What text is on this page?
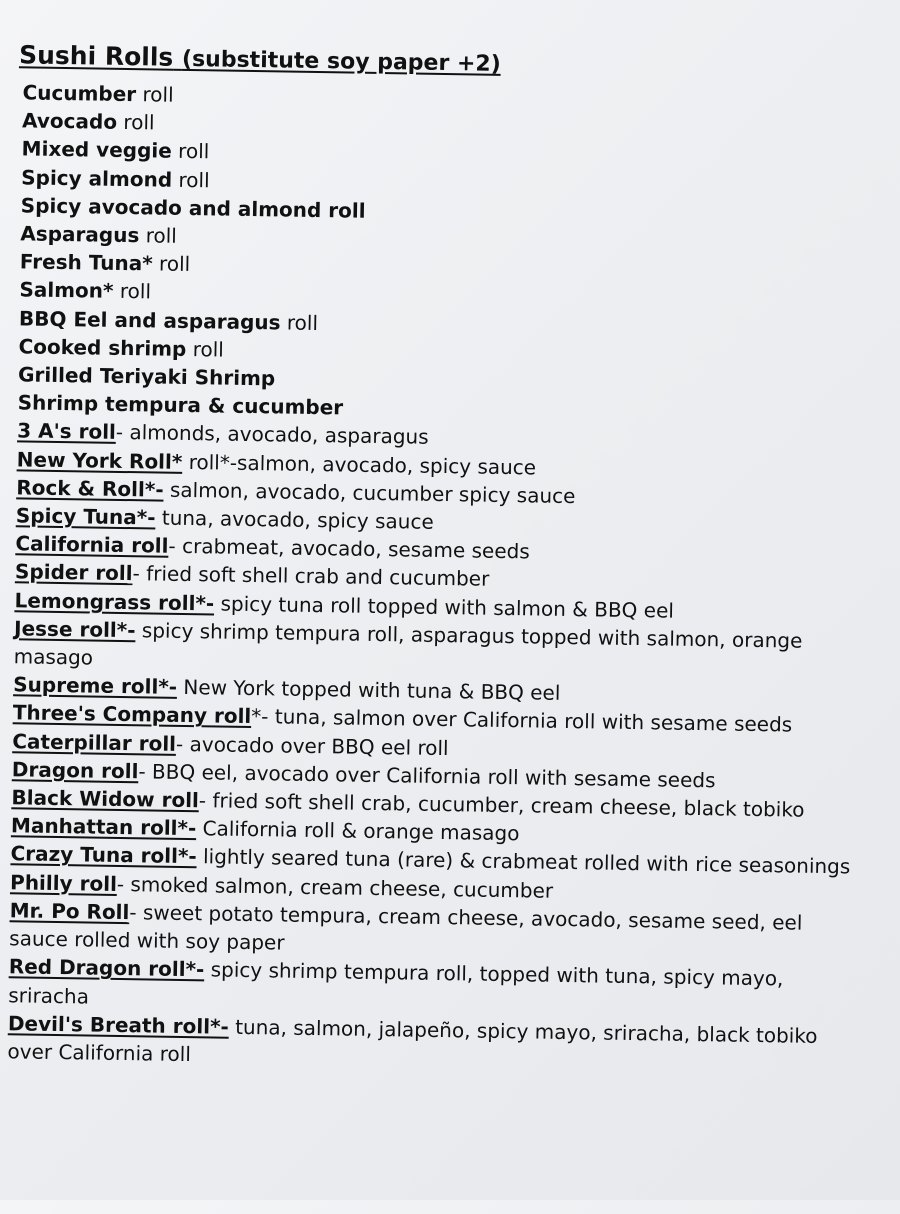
Sushi Rolls (substitute soy paper +2)
Cucumber roll
Avocado roll
Mixed veggie roll
Spicy almond roll
Spicy avocado and almond roll
Asparagus roll
Fresh Tuna* roll
Salmon* roll
BBQ Eel and asparagus roll
Cooked shrimp roll
Grilled Teriyaki Shrimp
Shrimp tempura & cucumber
3 A's roll- almonds, avocado, asparagus
New York Roll* roll*-salmon, avocado, spicy sauce
Rock & Roll*- salmon, avocado, cucumber spicy sauce
Spicy Tuna*- tuna, avocado, spicy sauce
California roll- crabmeat, avocado, sesame seeds
Spider roll- fried soft shell crab and cucumber
Lemongrass roll*- spicy tuna roll topped with salmon & BBQ eel
Jesse roll*- spicy shrimp tempura roll, asparagus topped with salmon, orange masago
Supreme roll*- New York topped with tuna & BBQ eel
Three's Company roll*- tuna, salmon over California roll with sesame seeds
Caterpillar roll- avocado over BBQ eel roll
Dragon roll- BBQ eel, avocado over California roll with sesame seeds
Black Widow roll- fried soft shell crab, cucumber, cream cheese, black tobiko
Manhattan roll*- California roll & orange masago
Crazy Tuna roll*- lightly seared tuna (rare) & crabmeat rolled with rice seasonings
Philly roll- smoked salmon, cream cheese, cucumber
Mr. Po Roll- sweet potato tempura, cream cheese, avocado, sesame seed, eel sauce rolled with soy paper
Red Dragon roll*- spicy shrimp tempura roll, topped with tuna, spicy mayo, sriracha
Devil's Breath roll*- tuna, salmon, jalapeño, spicy mayo, sriracha, black tobiko over California roll
